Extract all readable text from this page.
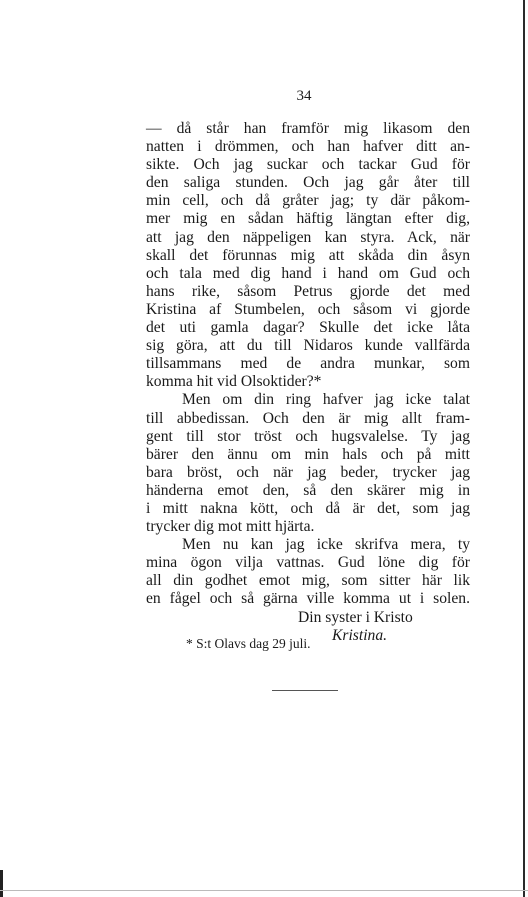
34
— då står han framför mig likasom den
natten i drömmen, och han hafver ditt an-
sikte. Och jag suckar och tackar Gud för
den saliga stunden. Och jag går åter till
min cell, och då gråter jag; ty där påkom-
mer mig en sådan häftig längtan efter dig,
att jag den näppeligen kan styra. Ack, när
skall det förunnas mig att skåda din åsyn
och tala med dig hand i hand om Gud och
hans rike, såsom Petrus gjorde det med
Kristina af Stumbelen, och såsom vi gjorde
det uti gamla dagar? Skulle det icke låta
sig göra, att du till Nidaros kunde vallfärda
tillsammans med de andra munkar, som
komma hit vid Olsoktider?*
Men om din ring hafver jag icke talat
till abbedissan. Och den är mig allt fram-
gent till stor tröst och hugsvalelse. Ty jag
bärer den ännu om min hals och på mitt
bara bröst, och när jag beder, trycker jag
händerna emot den, så den skärer mig in
i mitt nakna kött, och då är det, som jag
trycker dig mot mitt hjärta.
Men nu kan jag icke skrifva mera, ty
mina ögon vilja vattnas. Gud löne dig för
all din godhet emot mig, som sitter här lik
en fågel och så gärna ville komma ut i solen.
Din syster i Kristo
Kristina.
* S:t Olavs dag 29 juli.
